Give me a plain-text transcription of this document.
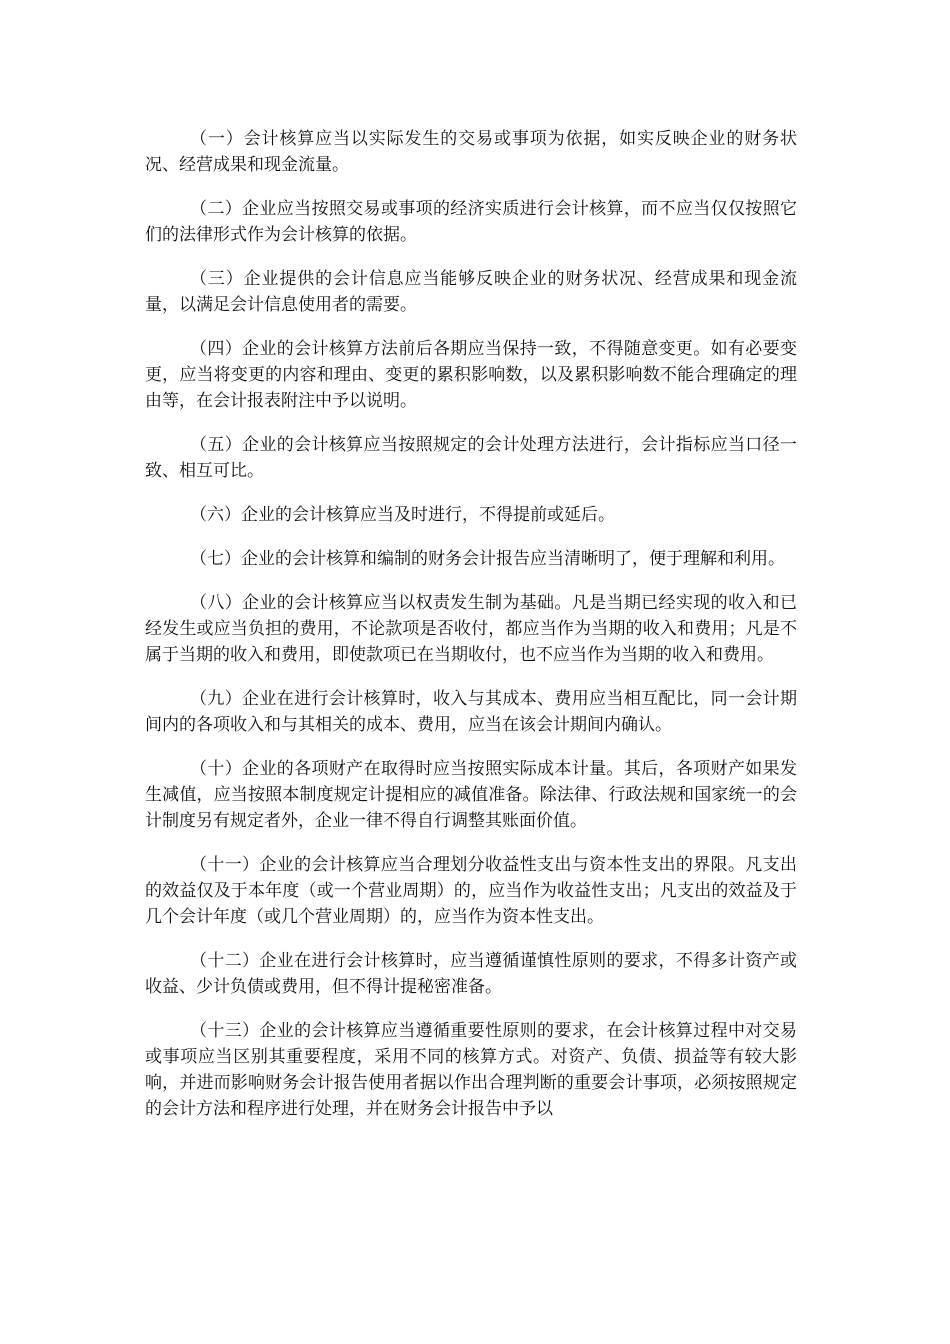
（一）会计核算应当以实际发生的交易或事项为依据，如实反映企业的财务状况、经营成果和现金流量。

（二）企业应当按照交易或事项的经济实质进行会计核算，而不应当仅仅按照它们的法律形式作为会计核算的依据。

（三）企业提供的会计信息应当能够反映企业的财务状况、经营成果和现金流量，以满足会计信息使用者的需要。

（四）企业的会计核算方法前后各期应当保持一致，不得随意变更。如有必要变更，应当将变更的内容和理由、变更的累积影响数，以及累积影响数不能合理确定的理由等，在会计报表附注中予以说明。

（五）企业的会计核算应当按照规定的会计处理方法进行，会计指标应当口径一致、相互可比。

（六）企业的会计核算应当及时进行，不得提前或延后。

（七）企业的会计核算和编制的财务会计报告应当清晰明了，便于理解和利用。

（八）企业的会计核算应当以权责发生制为基础。凡是当期已经实现的收入和已经发生或应当负担的费用，不论款项是否收付，都应当作为当期的收入和费用；凡是不属于当期的收入和费用，即使款项已在当期收付，也不应当作为当期的收入和费用。

（九）企业在进行会计核算时，收入与其成本、费用应当相互配比，同一会计期间内的各项收入和与其相关的成本、费用，应当在该会计期间内确认。

（十）企业的各项财产在取得时应当按照实际成本计量。其后，各项财产如果发生减值，应当按照本制度规定计提相应的减值准备。除法律、行政法规和国家统一的会计制度另有规定者外，企业一律不得自行调整其账面价值。

（十一）企业的会计核算应当合理划分收益性支出与资本性支出的界限。凡支出的效益仅及于本年度（或一个营业周期）的，应当作为收益性支出；凡支出的效益及于几个会计年度（或几个营业周期）的，应当作为资本性支出。

（十二）企业在进行会计核算时，应当遵循谨慎性原则的要求，不得多计资产或收益、少计负债或费用，但不得计提秘密准备。

（十三）企业的会计核算应当遵循重要性原则的要求，在会计核算过程中对交易或事项应当区别其重要程度，采用不同的核算方式。对资产、负债、损益等有较大影响，并进而影响财务会计报告使用者据以作出合理判断的重要会计事项，必须按照规定的会计方法和程序进行处理，并在财务会计报告中予以
